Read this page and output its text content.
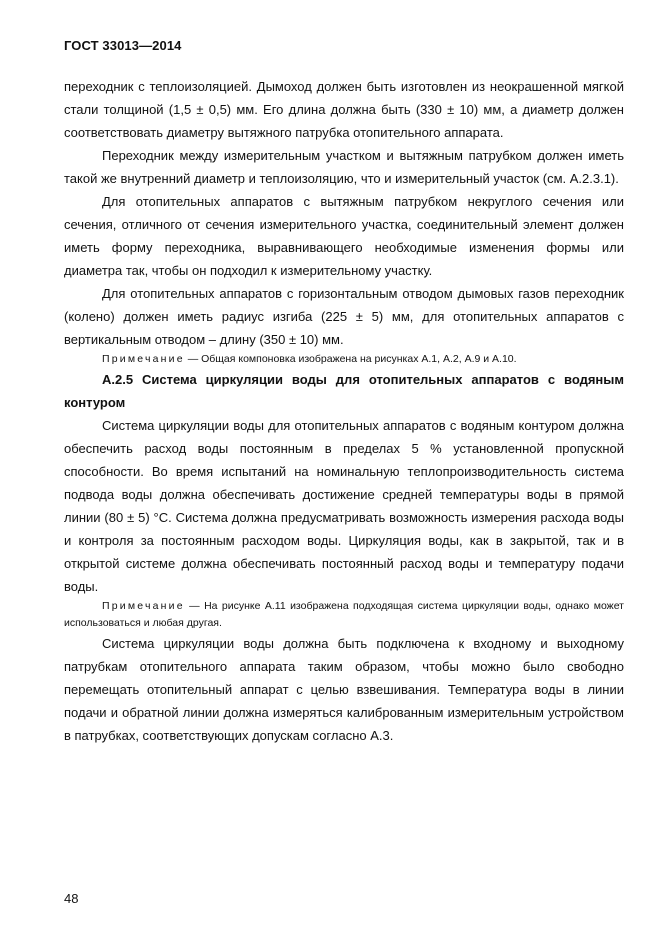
ГОСТ 33013—2014

переходник с теплоизоляцией. Дымоход должен быть изготовлен из неокрашенной мягкой стали толщиной (1,5 ± 0,5) мм. Его длина должна быть (330 ± 10) мм, а диаметр должен соответствовать диаметру вытяжного патрубка отопительного аппарата.

Переходник между измерительным участком и вытяжным патрубком должен иметь такой же внутренний диаметр и теплоизоляцию, что и измерительный участок (см. А.2.3.1).

Для отопительных аппаратов с вытяжным патрубком некруглого сечения или сечения, отличного от сечения измерительного участка, соединительный элемент должен иметь форму переходника, выравнивающего необходимые изменения формы или диаметра так, чтобы он подходил к измерительному участку.

Для отопительных аппаратов с горизонтальным отводом дымовых газов переходник (колено) должен иметь радиус изгиба (225 ± 5) мм, для отопительных аппаратов с вертикальным отводом – длину (350 ± 10) мм.

Примечание — Общая компоновка изображена на рисунках А.1, А.2, А.9 и А.10.

А.2.5 Система циркуляции воды для отопительных аппаратов с водяным контуром

Система циркуляции воды для отопительных аппаратов с водяным контуром должна обеспечить расход воды постоянным в пределах 5 % установленной пропускной способности. Во время испытаний на номинальную теплопроизводительность система подвода воды должна обеспечивать достижение средней температуры воды в прямой линии (80 ± 5) °С. Система должна предусматривать возможность измерения расхода воды и контроля за постоянным расходом воды. Циркуляция воды, как в закрытой, так и в открытой системе должна обеспечивать постоянный расход воды и температуру подачи воды.

Примечание — На рисунке А.11 изображена подходящая система циркуляции воды, однако может использоваться и любая другая.

Система циркуляции воды должна быть подключена к входному и выходному патрубкам отопительного аппарата таким образом, чтобы можно было свободно перемещать отопительный аппарат с целью взвешивания. Температура воды в линии подачи и обратной линии должна измеряться калиброванным измерительным устройством в патрубках, соответствующих допускам согласно А.3.

48
